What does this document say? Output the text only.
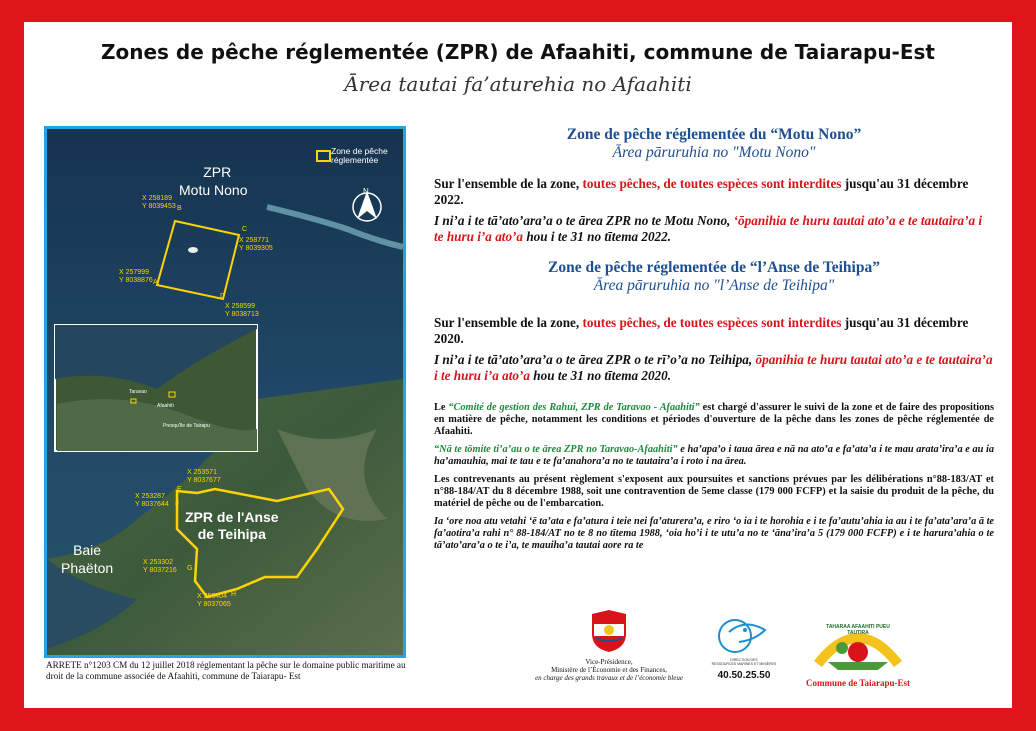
Zones de pêche réglementée (ZPR) de Afaahiti, commune de Taiarapu-Est
Ārea tautai fa’aturehia no Afaahiti
Zone de pêche
réglementée
N
ZPR
Motu Nono
X 258189
Y 8039453 B
C
X 258771
Y 8039305
X 257999
Y 8038876 A
D
X 258599
Y 8038713
Taravao
Afaahiti
Presqu'île de Tairapu
X 253571
Y 8037677
E
X 253287
Y 8037644 F
ZPR de l'Anse
de Teihipa
Baie
Phaëton	X 253302
Y 8037216 G
X 253404
Y 8037065
H
ARRETE n°1203 CM du 12 juillet 2018 réglementant la pêche sur le domaine public maritime au droit de la commune associée de Afaahiti, commune de Taiarapu- Est
Zone de pêche réglementée du “Motu Nono”
Ārea pāruruhia no "Motu Nono"

Sur l'ensemble de la zone, toutes pêches, de toutes espèces sont interdites jusqu'au 31 décembre 2022.

I ni’a i te tā’ato’ara’a o te ārea ZPR no te Motu Nono, ‘ōpanihia te huru tautai ato’a e te tautaira’a i te huru i’a ato’a hou i te 31 no tītema 2022.

Zone de pêche réglementée de “l’Anse de Teihipa”
Ārea pāruruhia no "l’Anse de Teihipa"

Sur l'ensemble de la zone, toutes pêches, de toutes espèces sont interdites jusqu'au 31 décembre 2020.

I ni’a i te tā’ato’ara’a o te ārea ZPR o te rī’o’a no Teihipa, ōpanihia te huru tautai ato’a e te tautaira’a i te huru i’a ato’a hou te 31 no tītema 2020.

Le “Comité de gestion des Rahui, ZPR de Taravao - Afaahiti” est chargé d'assurer le suivi de la zone et de faire des propositions en matière de pêche, notamment les conditions et périodes d'ouverture de la pêche dans les zones de pêche réglementée de Afaahiti.
“Nā te tōmite ti’a’au o te ārea ZPR no Taravao-Afaahiti” e ha’apa’o i taua ārea e nā na ato’a e fa’ata’a i te mau arata’ira’a e au ia ha’amauhia, mai te tau e te fa’anahora’a no te tautaira’a i roto i na ārea.
Les contrevenants au présent règlement s'exposent aux poursuites et sanctions prévues par les délibérations n°88-183/AT et n°88-184/AT du 8 décembre 1988, soit une contravention de 5eme classe (179 000 FCFP) et la saisie du produit de la pêche, du matériel de pêche ou de l'embarcation.
Ia ‘ore noa atu vetahi ‘ē ta’ata e fa’atura i teie nei fa’aturera’a, e riro ‘o ia i te horohia e i te fa’autu’ahia ia au i te fa’ata’ara’a ā te fa’aotira’a rahi n° 88-184/AT no te 8 no tītema 1988, ‘oia ho’i i te utu’a no te ‘āna’ira’a 5 (179 000 FCFP) e i te harura’ahia o te tā’ato’ara’a o te i’a, te mauiha’a tautai aore ra te
Vice-Présidence,
Ministère de l’Économie et des Finances,
en charge des grands travaux et de l’économie bleue
DIRECTION DES
RESSOURCES MARINES ET MINIÈRES
40.50.25.50
TAHARAA AFAAHITI PUEU TAUTIRA
Commune de Taiarapu-Est
